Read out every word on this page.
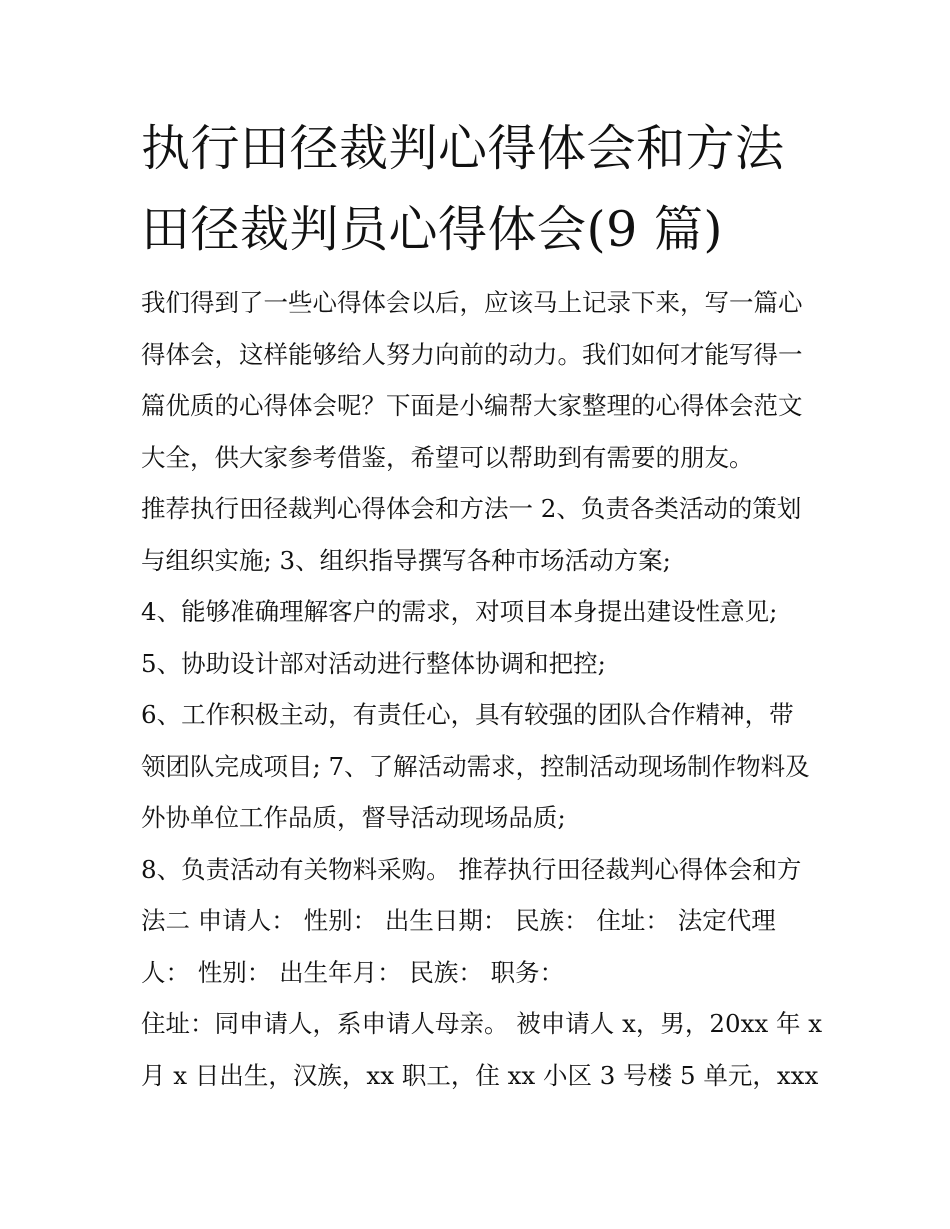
执行田径裁判心得体会和方法

田径裁判员心得体会(9 篇)

我们得到了一些心得体会以后，应该马上记录下来，写一篇心

得体会，这样能够给人努力向前的动力。我们如何才能写得一

篇优质的心得体会呢？下面是小编帮大家整理的心得体会范文

大全，供大家参考借鉴，希望可以帮助到有需要的朋友。

推荐执行田径裁判心得体会和方法一 2、负责各类活动的策划

与组织实施; 3、组织指导撰写各种市场活动方案;

4、能够准确理解客户的需求，对项目本身提出建设性意见;

5、协助设计部对活动进行整体协调和把控;

6、工作积极主动，有责任心，具有较强的团队合作精神，带

领团队完成项目; 7、了解活动需求，控制活动现场制作物料及

外协单位工作品质，督导活动现场品质;

8、负责活动有关物料采购。 推荐执行田径裁判心得体会和方

法二 申请人： 性别： 出生日期： 民族： 住址： 法定代理

人： 性别： 出生年月： 民族： 职务：

住址：同申请人，系申请人母亲。 被申请人 x，男，20xx 年 x

月 x 日出生，汉族，xx 职工，住 xx 小区 3 号楼 5 单元，xxx
